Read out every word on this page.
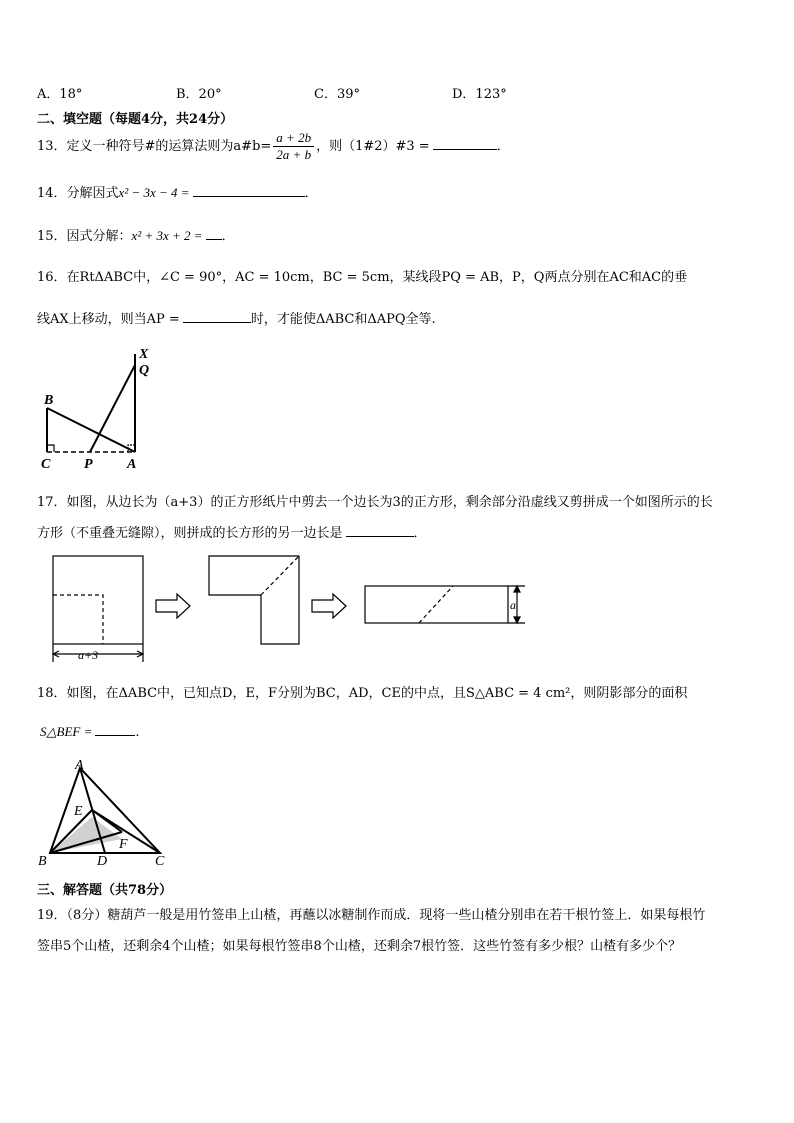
A．18°	B．20°	C．39°	D．123°
二、填空题（每题4分，共24分）
13．定义一种符号#的运算法则为a#b= $\frac{a + 2b}{2a + b}$ ，则（1#2）#3 =	．
14．分解因式x² − 3x − 4 =	．
15．因式分解：x² + 3x + 2 = ．
16．在RtΔABC中，∠C = 90°，AC = 10cm，BC = 5cm，某线段PQ = AB，P，Q两点分别在AC和AC的垂
线AX上移动，则当AP =	时，才能使ΔABC和ΔAPQ全等.
X
Q
B
C P A
17．如图，从边长为（a+3）的正方形纸片中剪去一个边长为3的正方形，剩余部分沿虚线又剪拼成一个如图所示的长
方形（不重叠无缝隙），则拼成的长方形的另一边长是	．
a+3
a
18．如图，在ΔABC中，已知点D，E，F分别为BC，AD，CE的中点，且S△ABC = 4 cm²，则阴影部分的面积
S△BEF =	.
A
E
F
B	D	C
三、解答题（共78分）
19．（8分）糖葫芦一般是用竹签串上山楂，再蘸以冰糖制作而成．现将一些山楂分别串在若干根竹签上．如果每根竹
签串5个山楂，还剩余4个山楂；如果每根竹签串8个山楂，还剩余7根竹签．这些竹签有多少根？山楂有多少个？
